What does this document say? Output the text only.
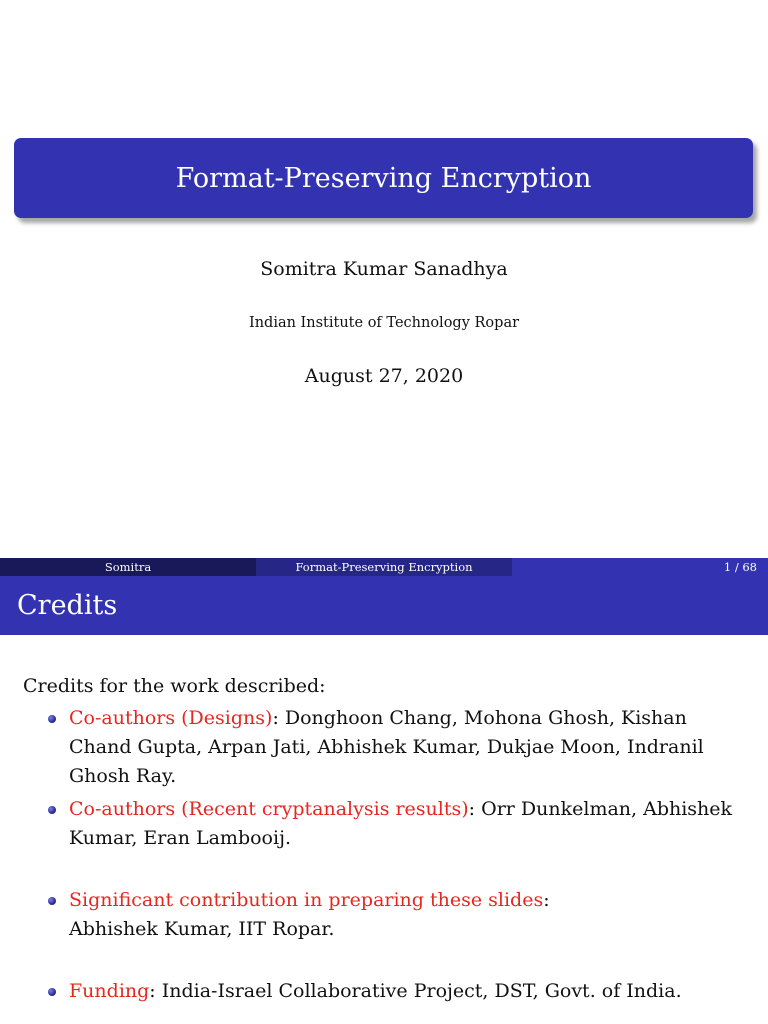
Format-Preserving Encryption
Somitra Kumar Sanadhya
Indian Institute of Technology Ropar
August 27, 2020
Somitra	Format-Preserving Encryption	1 / 68
Credits

Credits for the work described:

Co-authors (Designs): Donghoon Chang, Mohona Ghosh, Kishan Chand Gupta, Arpan Jati, Abhishek Kumar, Dukjae Moon, Indranil Ghosh Ray.
Co-authors (Recent cryptanalysis results): Orr Dunkelman, Abhishek Kumar, Eran Lambooij.
Significant contribution in preparing these slides:
Abhishek Kumar, IIT Ropar.
Funding: India-Israel Collaborative Project, DST, Govt. of India.
